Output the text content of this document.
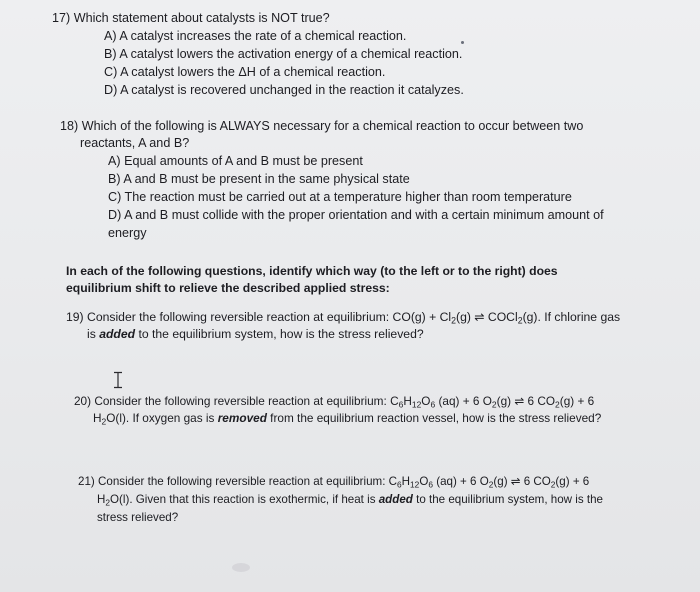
17) Which statement about catalysts is NOT true?
A) A catalyst increases the rate of a chemical reaction.
B) A catalyst lowers the activation energy of a chemical reaction.
C) A catalyst lowers the ΔH of a chemical reaction.
D) A catalyst is recovered unchanged in the reaction it catalyzes.
18) Which of the following is ALWAYS necessary for a chemical reaction to occur between two
reactants, A and B?
A) Equal amounts of A and B must be present
B) A and B must be present in the same physical state
C) The reaction must be carried out at a temperature higher than room temperature
D) A and B must collide with the proper orientation and with a certain minimum amount of energy
In each of the following questions, identify which way (to the left or to the right) does equilibrium shift to relieve the described applied stress:
19) Consider the following reversible reaction at equilibrium: $CO(g) + Cl_2(g)$ ⇌ COCl$_2$(g). If chlorine gas
is added to the equilibrium system, how is the stress relieved?
20) Consider the following reversible reaction at equilibrium: $C_6H_{12}O_6$ (aq) + 6 $O_2(g)$ ⇌ 6 $CO_2(g) + 6$
$H_2O(l)$. If oxygen gas is removed from the equilibrium reaction vessel, how is the stress relieved?
21) Consider the following reversible reaction at equilibrium: $C_6H_{12}O_6$ (aq) + 6 $O_2(g)$ ⇌ 6 $CO_2(g) + 6$
$H_2O(l)$. Given that this reaction is exothermic, if heat is added to the equilibrium system, how is the
stress relieved?
